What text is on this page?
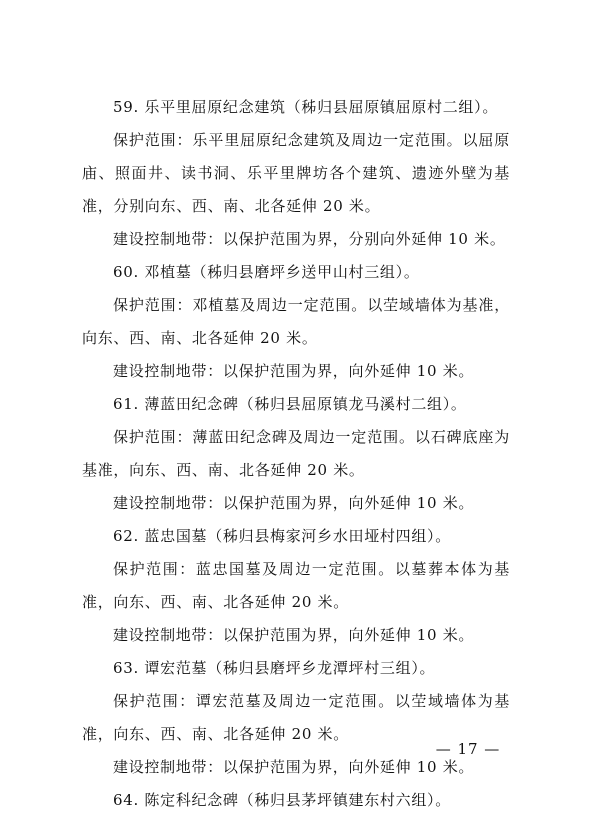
59. 乐平里屈原纪念建筑（秭归县屈原镇屈原村二组）。

保护范围：乐平里屈原纪念建筑及周边一定范围。以屈原庙、照面井、读书洞、乐平里牌坊各个建筑、遗迹外壁为基准，分别向东、西、南、北各延伸 20 米。

建设控制地带：以保护范围为界，分别向外延伸 10 米。

60. 邓植墓（秭归县磨坪乡送甲山村三组）。

保护范围：邓植墓及周边一定范围。以茔域墙体为基准，向东、西、南、北各延伸 20 米。

建设控制地带：以保护范围为界，向外延伸 10 米。

61. 薄蓝田纪念碑（秭归县屈原镇龙马溪村二组）。

保护范围：薄蓝田纪念碑及周边一定范围。以石碑底座为基准，向东、西、南、北各延伸 20 米。

建设控制地带：以保护范围为界，向外延伸 10 米。

62. 蓝忠国墓（秭归县梅家河乡水田垭村四组）。

保护范围：蓝忠国墓及周边一定范围。以墓葬本体为基准，向东、西、南、北各延伸 20 米。

建设控制地带：以保护范围为界，向外延伸 10 米。

63. 谭宏范墓（秭归县磨坪乡龙潭坪村三组）。

保护范围：谭宏范墓及周边一定范围。以茔域墙体为基准，向东、西、南、北各延伸 20 米。

建设控制地带：以保护范围为界，向外延伸 10 米。

64. 陈定科纪念碑（秭归县茅坪镇建东村六组）。

— 17 —
